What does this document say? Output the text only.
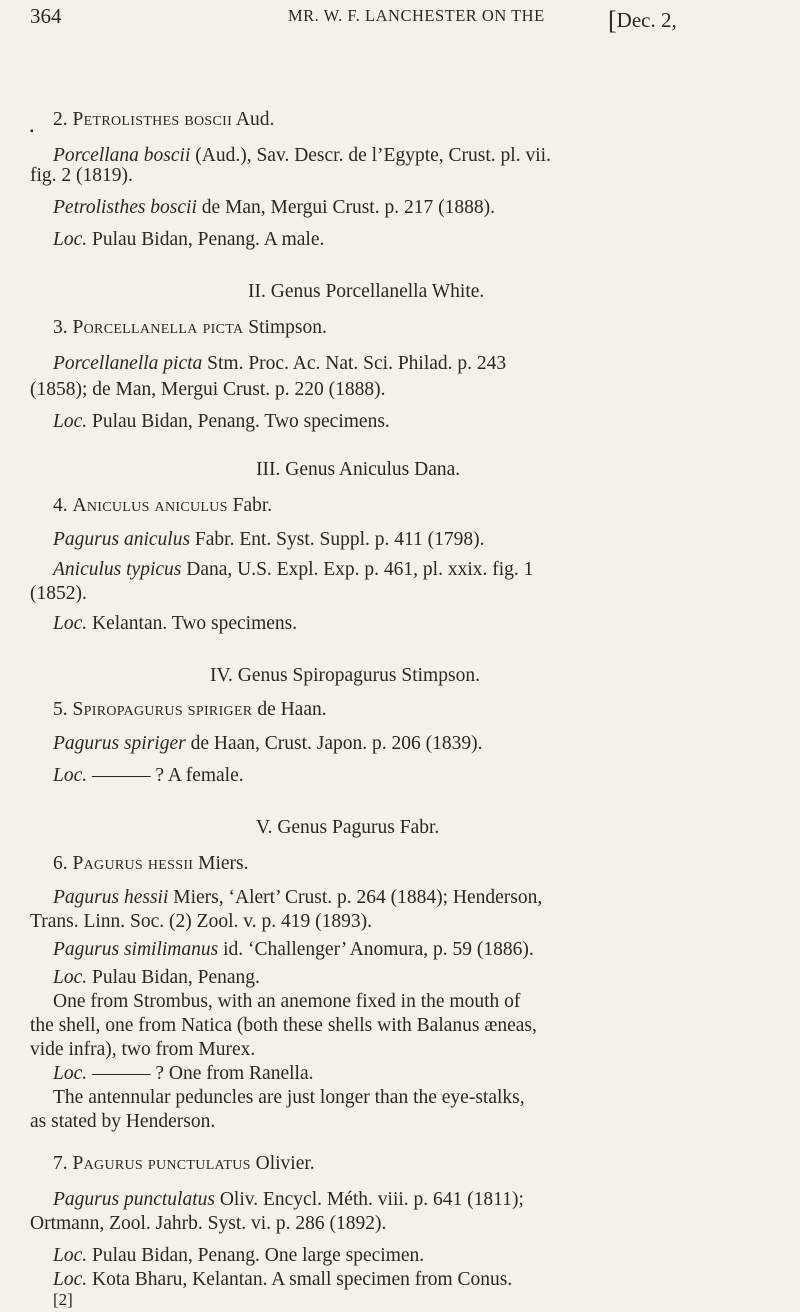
364	MR. W. F. LANCHESTER ON THE [Dec. 2,
▪
2. Petrolisthes boscii Aud.
Porcellana boscii (Aud.), Sav. Descr. de l’Egypte, Crust. pl. vii.
fig. 2 (1819).
Petrolisthes boscii de Man, Mergui Crust. p. 217 (1888).
Loc. Pulau Bidan, Penang. A male.
II. Genus Porcellanella White.
3. Porcellanella picta Stimpson.
Porcellanella picta Stm. Proc. Ac. Nat. Sci. Philad. p. 243
(1858); de Man, Mergui Crust. p. 220 (1888).
Loc. Pulau Bidan, Penang. Two specimens.
III. Genus Aniculus Dana.
4. Aniculus aniculus Fabr.
Pagurus aniculus Fabr. Ent. Syst. Suppl. p. 411 (1798).
Aniculus typicus Dana, U.S. Expl. Exp. p. 461, pl. xxix. fig. 1
(1852).
Loc. Kelantan. Two specimens.
IV. Genus Spiropagurus Stimpson.
5. Spiropagurus spiriger de Haan.
Pagurus spiriger de Haan, Crust. Japon. p. 206 (1839).
Loc. ——— ? A female.
V. Genus Pagurus Fabr.
6. Pagurus hessii Miers.
Pagurus hessii Miers, ‘Alert’ Crust. p. 264 (1884); Henderson,
Trans. Linn. Soc. (2) Zool. v. p. 419 (1893).
Pagurus similimanus id. ‘Challenger’ Anomura, p. 59 (1886).
Loc. Pulau Bidan, Penang.
One from Strombus, with an anemone fixed in the mouth of
the shell, one from Natica (both these shells with Balanus æneas,
vide infra), two from Murex.
Loc. ——— ? One from Ranella.
The antennular peduncles are just longer than the eye-stalks,
as stated by Henderson.
7. Pagurus punctulatus Olivier.
Pagurus punctulatus Oliv. Encycl. Méth. viii. p. 641 (1811);
Ortmann, Zool. Jahrb. Syst. vi. p. 286 (1892).
Loc. Pulau Bidan, Penang. One large specimen.
Loc. Kota Bharu, Kelantan. A small specimen from Conus.
[2]
